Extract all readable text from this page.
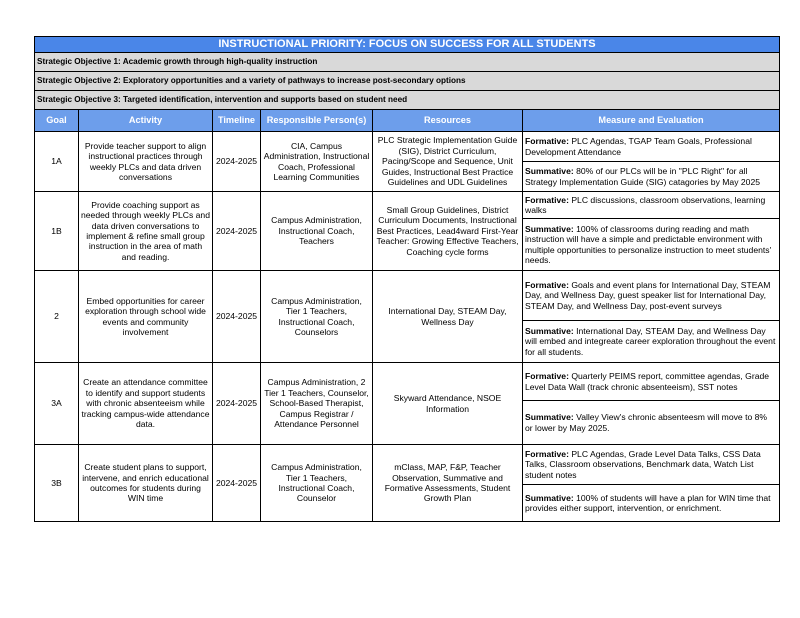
INSTRUCTIONAL PRIORITY: FOCUS ON SUCCESS FOR ALL STUDENTS					
Strategic Objective 1: Academic growth through high-quality instruction					
Strategic Objective 2: Exploratory opportunities and a variety of pathways to increase post-secondary options					
Strategic Objective 3: Targeted identification, intervention and supports based on student need					
Goal	Activity	Timeline	Responsible Person(s)	Resources	Measure and Evaluation
1A	Provide teacher support to align instructional practices through weekly PLCs and data driven conversations	2024-2025	CIA, Campus Administration, Instructional Coach, Professional Learning Communities	PLC Strategic Implementation Guide (SIG), District Curriculum, Pacing/Scope and Sequence, Unit Guides, Instructional Best Practice Guidelines and UDL Guidelines	Formative: PLC Agendas, TGAP Team Goals, Professional Development Attendance
					Summative: 80% of our PLCs will be in "PLC Right" for all Strategy Implementation Guide (SIG) catagories by May 2025
1B	Provide coaching support as needed through weekly PLCs and data driven conversations to implement & refine small group instruction in the area of math and reading.	2024-2025	Campus Administration, Instructional Coach, Teachers	Small Group Guidelines, District Curriculum Documents, Instructional Best Practices, Lead4ward First-Year Teacher: Growing Effective Teachers, Coaching cycle forms	Formative: PLC discussions, classroom observations, learning walks
					Summative: 100% of classrooms during reading and math instruction will have a simple and predictable environment with multiple opportunities to personalize instruction to meet students' needs.
2	Embed opportunities for career exploration through school wide events and community involvement	2024-2025	Campus Administration, Tier 1 Teachers, Instructional Coach, Counselors	International Day, STEAM Day, Wellness Day	Formative: Goals and event plans for International Day, STEAM Day, and Wellness Day, guest speaker list for International Day, STEAM Day, and Wellness Day, post-event surveys
					Summative: International Day, STEAM Day, and Wellness Day will embed and integreate career exploration throughout the event for all students.
3A	Create an attendance committee to identify and support students with chronic absenteeism while tracking campus-wide attendance data.	2024-2025	Campus Administration, 2 Tier 1 Teachers, Counselor, School-Based Therapist, Campus Registrar / Attendance Personnel	Skyward Attendance, NSOE Information	Formative: Quarterly PEIMS report, committee agendas, Grade Level Data Wall (track chronic absenteeism), SST notes
					Summative: Valley View's chronic absenteesm will move to 8% or lower by May 2025.
3B	Create student plans to support, intervene, and enrich educational outcomes for students during WIN time	2024-2025	Campus Administration, Tier 1 Teachers, Instructional Coach, Counselor	mClass, MAP, F&P, Teacher Observation, Summative and Formative Assessments, Student Growth Plan	Formative: PLC Agendas, Grade Level Data Talks, CSS Data Talks, Classroom observations, Benchmark data, Watch List student notes
					Summative: 100% of students will have a plan for WIN time that provides either support, intervention, or enrichment.
